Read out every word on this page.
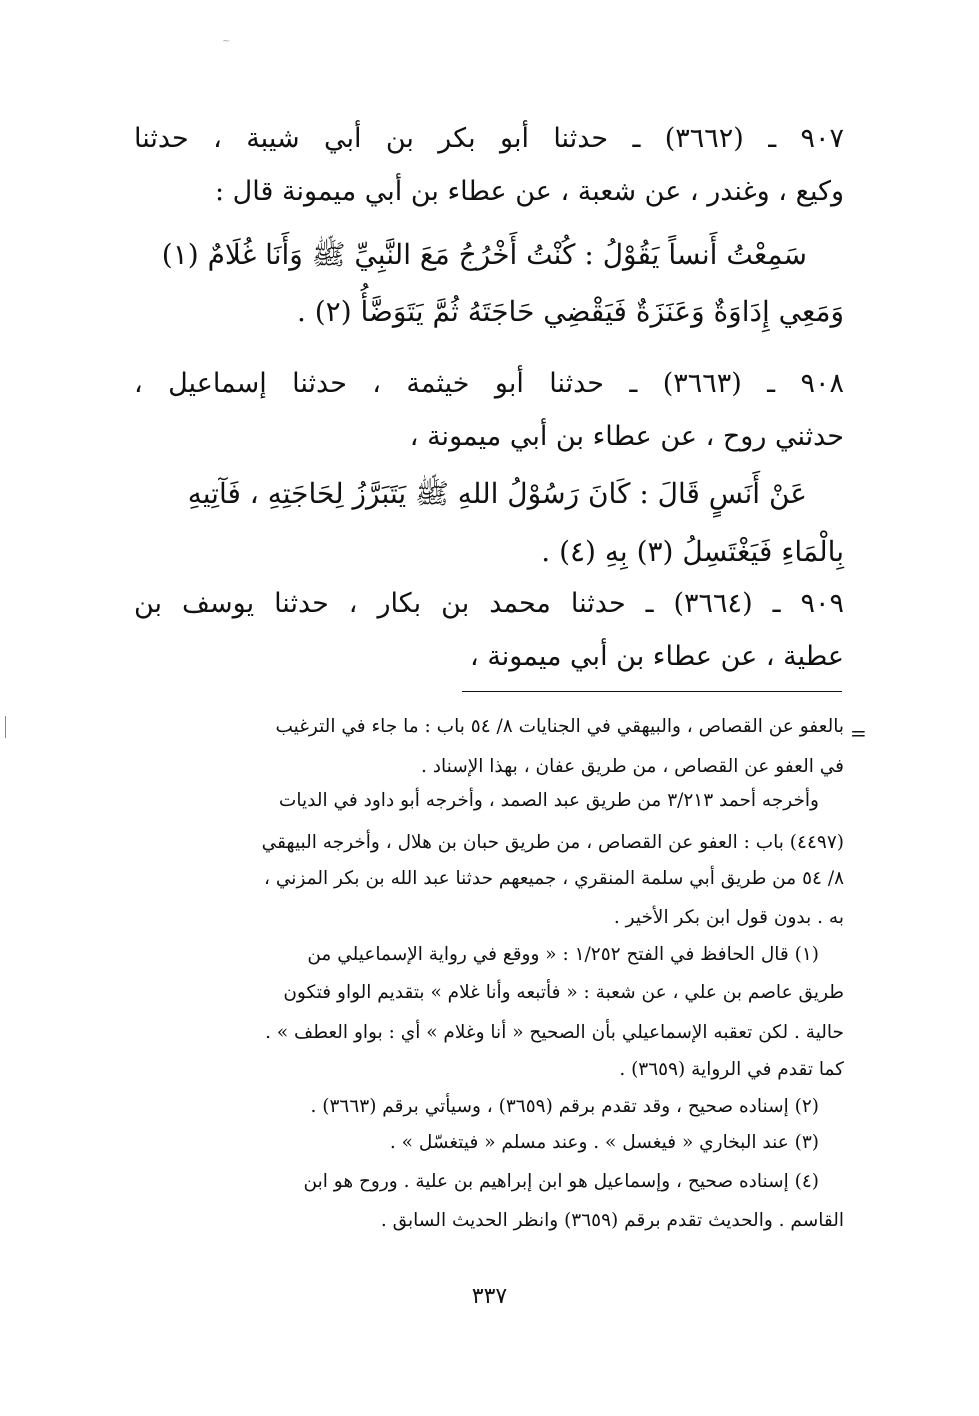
~
٩٠٧ ـ (٣٦٦٢) ـ حدثنا أبو بكر بن أبي شيبة ، حدثنا
وكيع ، وغندر ، عن شعبة ، عن عطاء بن أبي ميمونة قال :
سَمِعْتُ أَنساً يَقُوْلُ : كُنْتُ أَخْرُجُ مَعَ النَّبِيِّ ﷺ وَأَنَا غُلَامٌ (١)
وَمَعِي إِدَاوَةٌ وَعَنَزَةٌ فَيَقْضِي حَاجَتَهُ ثُمَّ يَتَوَضَّأُ (٢) .
٩٠٨ ـ (٣٦٦٣) ـ حدثنا أبو خيثمة ، حدثنا إسماعيل ،
حدثني روح ، عن عطاء بن أبي ميمونة ،
عَنْ أَنَسٍ قَالَ : كَانَ رَسُوْلُ اللهِ ﷺ يَتَبَرَّزُ لِحَاجَتِهِ ، فَآتِيهِ
بِالْمَاءِ فَيَغْتَسِلُ (٣) بِهِ (٤) .
٩٠٩ ـ (٣٦٦٤) ـ حدثنا محمد بن بكار ، حدثنا يوسف بن
عطية ، عن عطاء بن أبي ميمونة ،
=
بالعفو عن القصاص ، والبيهقي في الجنايات ٨/ ٥٤ باب : ما جاء في الترغيب
في العفو عن القصاص ، من طريق عفان ، بهذا الإسناد .
وأخرجه أحمد ٣/٢١٣ من طريق عبد الصمد ، وأخرجه أبو داود في الديات
(٤٤٩٧) باب : العفو عن القصاص ، من طريق حبان بن هلال ، وأخرجه البيهقي
٨/ ٥٤ من طريق أبي سلمة المنقري ، جميعهم حدثنا عبد الله بن بكر المزني ،
به . بدون قول ابن بكر الأخير .
(١) قال الحافظ في الفتح ١/٢٥٢ : « ووقع في رواية الإسماعيلي من
طريق عاصم بن علي ، عن شعبة : « فأتبعه وأنا غلام » بتقديم الواو فتكون
حالية . لكن تعقبه الإسماعيلي بأن الصحيح « أنا وغلام » أي : بواو العطف » .
كما تقدم في الرواية (٣٦٥٩) .
(٢) إسناده صحيح ، وقد تقدم برقم (٣٦٥٩) ، وسيأتي برقم (٣٦٦٣) .
(٣) عند البخاري « فيغسل » . وعند مسلم « فيتغسّل » .
(٤) إسناده صحيح ، وإسماعيل هو ابن إبراهيم بن علية . وروح هو ابن
القاسم . والحديث تقدم برقم (٣٦٥٩) وانظر الحديث السابق .
٣٣٧
